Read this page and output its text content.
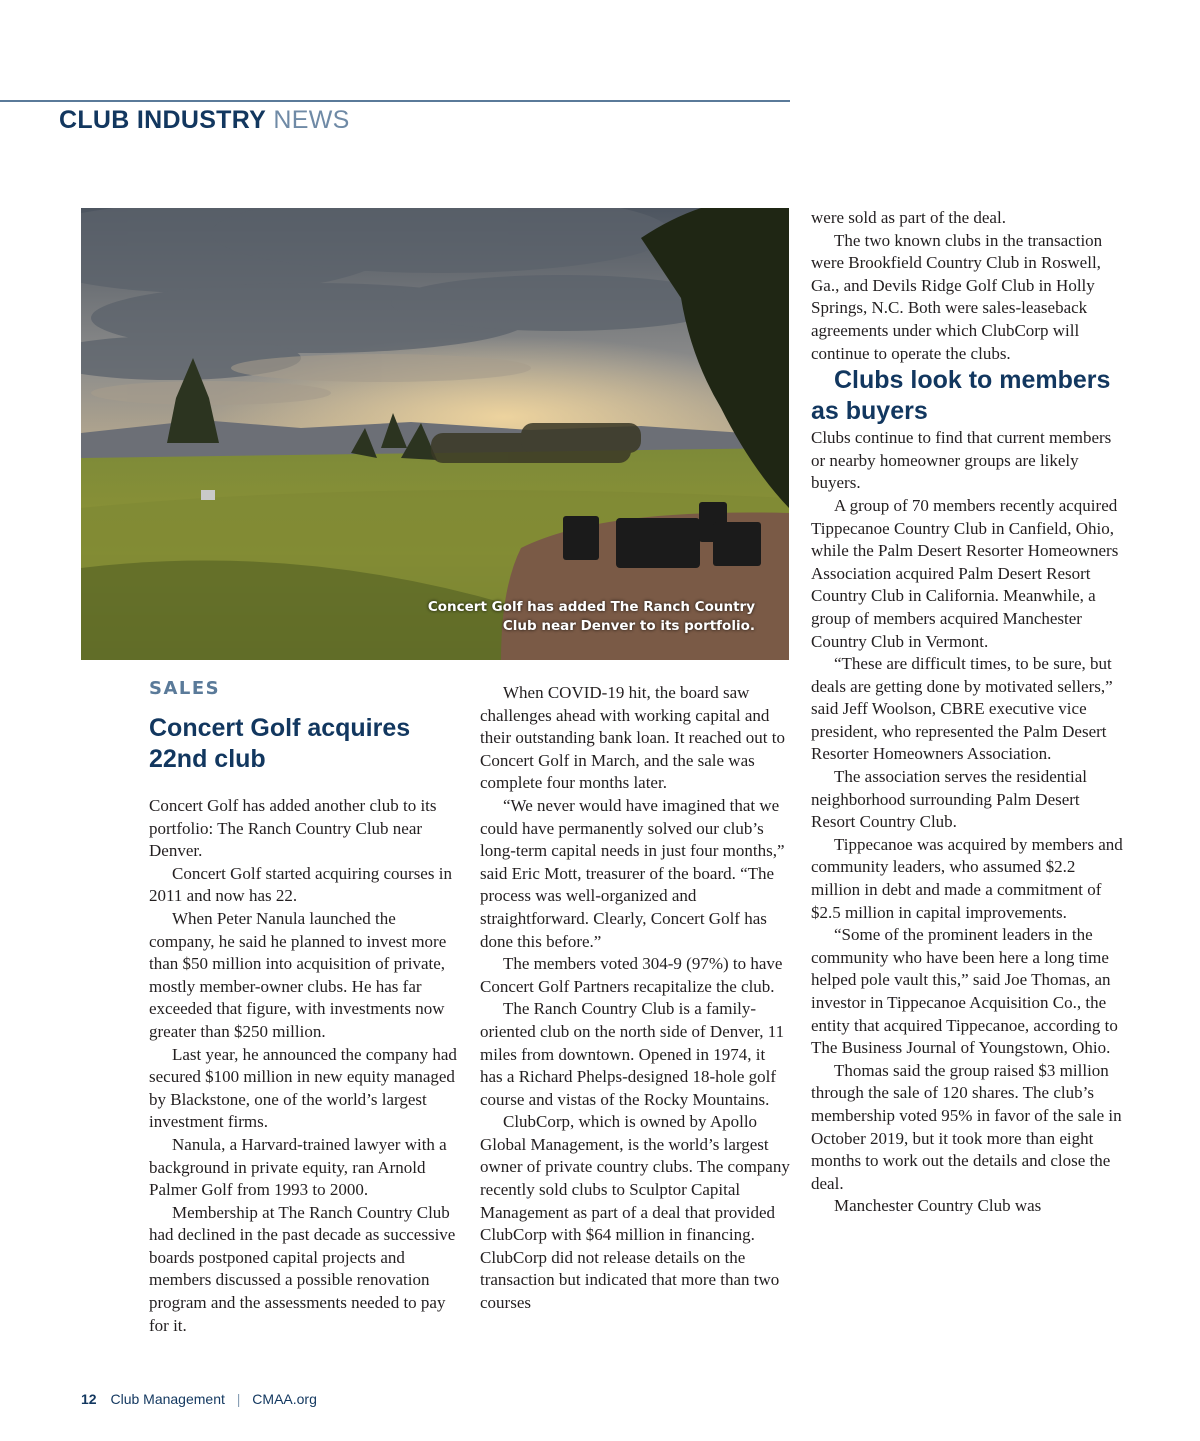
CLUB INDUSTRY NEWS
Concert Golf has added The Ranch Country Club near Denver to its portfolio.
SALES
Concert Golf acquires 22nd club

Concert Golf has added another club to its portfolio: The Ranch Country Club near Denver.

Concert Golf started acquiring courses in 2011 and now has 22.

When Peter Nanula launched the company, he said he planned to invest more than $50 million into acquisition of private, mostly member-owner clubs. He has far exceeded that figure, with investments now greater than $250 million.

Last year, he announced the company had secured $100 million in new equity managed by Blackstone, one of the world’s largest investment firms.

Nanula, a Harvard-trained lawyer with a background in private equity, ran Arnold Palmer Golf from 1993 to 2000.

Membership at The Ranch Country Club had declined in the past decade as successive boards postponed capital projects and members discussed a possible renovation program and the assessments needed to pay for it.

When COVID-19 hit, the board saw challenges ahead with working capital and their outstanding bank loan. It reached out to Concert Golf in March, and the sale was complete four months later.

“We never would have imagined that we could have permanently solved our club’s long-term capital needs in just four months,” said Eric Mott, treasurer of the board. “The process was well-organized and straightforward. Clearly, Concert Golf has done this before.”

The members voted 304-9 (97%) to have Concert Golf Partners recapitalize the club.

The Ranch Country Club is a family-oriented club on the north side of Denver, 11 miles from downtown. Opened in 1974, it has a Richard Phelps-designed 18-hole golf course and vistas of the Rocky Mountains.

ClubCorp, which is owned by Apollo Global Management, is the world’s largest owner of private country clubs. The company recently sold clubs to Sculptor Capital Management as part of a deal that provided ClubCorp with $64 million in financing. ClubCorp did not release details on the transaction but indicated that more than two courses

were sold as part of the deal.

The two known clubs in the transaction were Brookfield Country Club in Roswell, Ga., and Devils Ridge Golf Club in Holly Springs, N.C. Both were sales-leaseback agreements under which ClubCorp will continue to operate the clubs.

Clubs look to members as buyers

Clubs continue to find that current members or nearby homeowner groups are likely buyers.

A group of 70 members recently acquired Tippecanoe Country Club in Canfield, Ohio, while the Palm Desert Resorter Homeowners Association acquired Palm Desert Resort Country Club in California. Meanwhile, a group of members acquired Manchester Country Club in Vermont.

“These are difficult times, to be sure, but deals are getting done by motivated sellers,” said Jeff Woolson, CBRE executive vice president, who represented the Palm Desert Resorter Homeowners Association.

The association serves the residential neighborhood surrounding Palm Desert Resort Country Club.

Tippecanoe was acquired by members and community leaders, who assumed $2.2 million in debt and made a commitment of $2.5 million in capital improvements.

“Some of the prominent leaders in the community who have been here a long time helped pole vault this,” said Joe Thomas, an investor in Tippecanoe Acquisition Co., the entity that acquired Tippecanoe, according to The Business Journal of Youngstown, Ohio.

Thomas said the group raised $3 million through the sale of 120 shares. The club’s membership voted 95% in favor of the sale in October 2019, but it took more than eight months to work out the details and close the deal.

Manchester Country Club was

12 Club Management | CMAA.org
